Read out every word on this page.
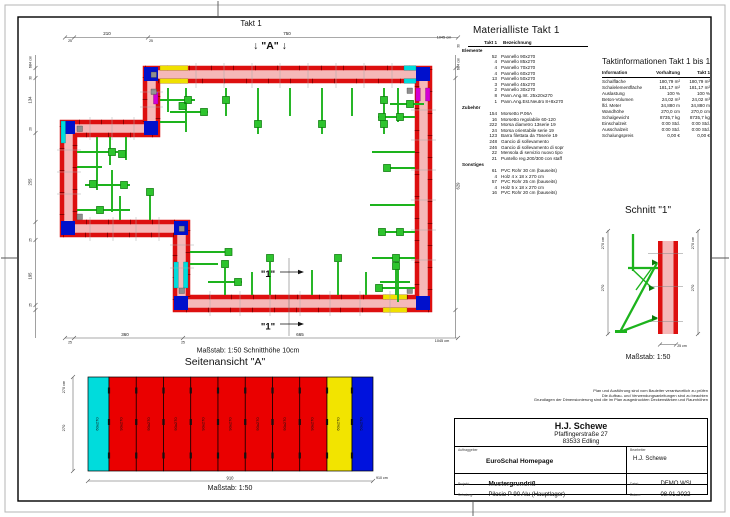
Takt 1
↓ "A" ↓
"1"
"1"
25
210
25
750
1045 cm
684 cm
30
134
20
255
25
195
25
30
684 cm
629
25
360
25
665
1045 cm
Maßstab: 1:50 Schnitthöhe 10cm
Seitenansicht "A"
60x270	90x270	90x270	90x270	90x270	90x270	90x270	90x270	90x270	60x270	50x270
270 cm
270
910	910 cm
Maßstab: 1:50
Schnitt "1"
270 cm
270
270 cm
270
25 cm
Maßstab: 1:50
Materialliste Takt 1
Takt 1 Bezeichnung
Elemente
52 Pannello 90x270
4 Pannello 85x270
4 Pannello 70x270
4 Pannello 60x270
13 Pannello 50x270
3 Pannello 45x270
2 Pannello 30x270
8 Pann.Ang.Int. 25x20x270
1 Pann.Ang.Est.Neutro 8+8x270
Zubehör
154 Morsetto P.06A
16 Morsetto regolabile 60-120
222 Morsa diametro 13serie 19
24 Morsa orientabile serie 19
123 Barra filettata da 75serie 19
248 Gancio di sollevamento
246 Gancio di sollevamento di sopr
22 Mensola di servizio nuovo tipo
21 Puntello reg.200/300 con staff
Sonstiges
61 PVC Rohr 30 cm (bauseits)
4 Holz 4 x 18 x 270 cm
57 PVC Rohr 25 cm (bauseits)
4 Holz 5 x 18 x 270 cm
16 PVC Rohr 20 cm (bauseits)
Taktinformationen Takt 1 bis 1
Information	Vorhaltung	Takt 1
Schalfläche	180,79 m²	180,79 m²
Schalelementfläche	181,17 m²	181,17 m²
Auslastung	100 %	100 %
Beton-Volumen	24,02 m³	24,02 m³
lfd. Meter	34,880 m	34,880 m
Wandhöhe	270,0 cm	270,0 cm
Schalgewicht	8735,7 kg	8735,7 kg
Einschalzeit	0:00 Std.	0:00 Std.
Ausschalzeit	0:00 Std.	0:00 Std.
Schalungspreis	0,00 €	0,00 €
Plan und Ausführung sind vom Bauleiter verantwortlich zu prüfen
Die Aufbau- und Verwendungsanleitungen sind zu beachten
Grundlagen der Dimensionierung sind die im Plan ausgedruckten Deckenstärken und Raumhöhen
H.J. Schewe
Pfaffingerstraße 27
83533 Edling
Auftraggeber
EuroSchal Homepage
Bearbeiter
H.J. Schewe
Projekt:	Mustergrundriß	Datei:	DEMO.WSL
Schalung:	Pilosio P 90 Alu (Hauptlager)	Datum:	08.01.2022
